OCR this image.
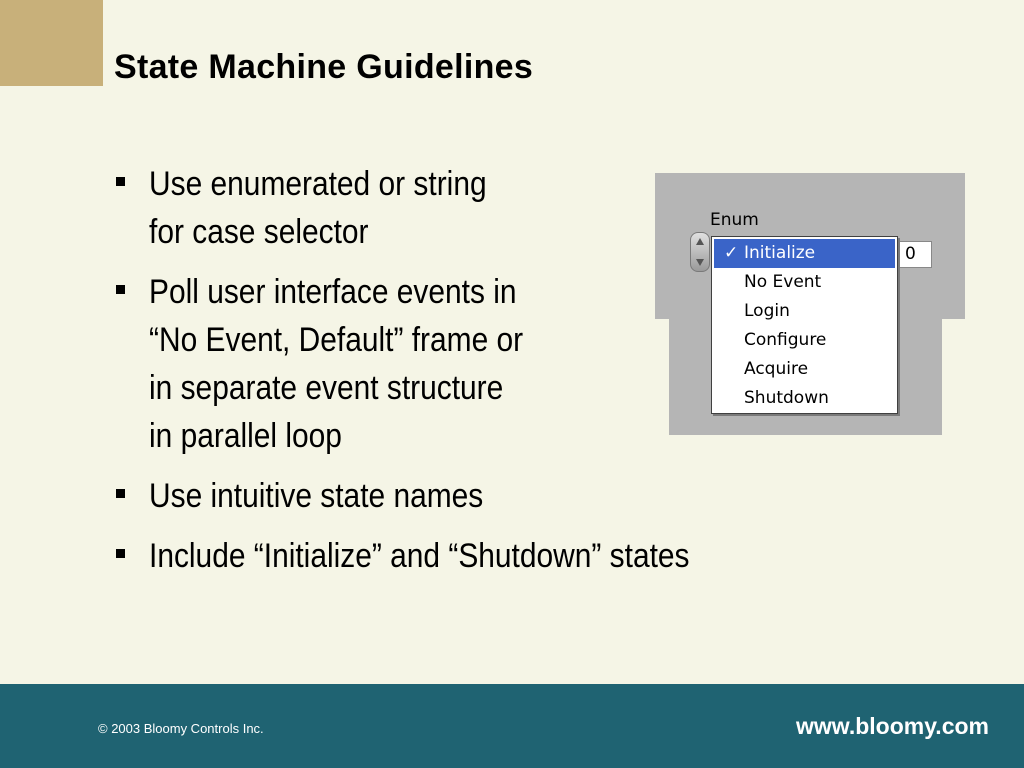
State Machine Guidelines
Use enumerated or string
for case selector
Poll user interface events in
“No Event, Default” frame or
in separate event structure
in parallel loop
Use intuitive state names
Include “Initialize” and “Shutdown” states
Enum
0
✓ Initialize
No Event
Login
Configure
Acquire
Shutdown
© 2003 Bloomy Controls Inc.	www.bloomy.com
